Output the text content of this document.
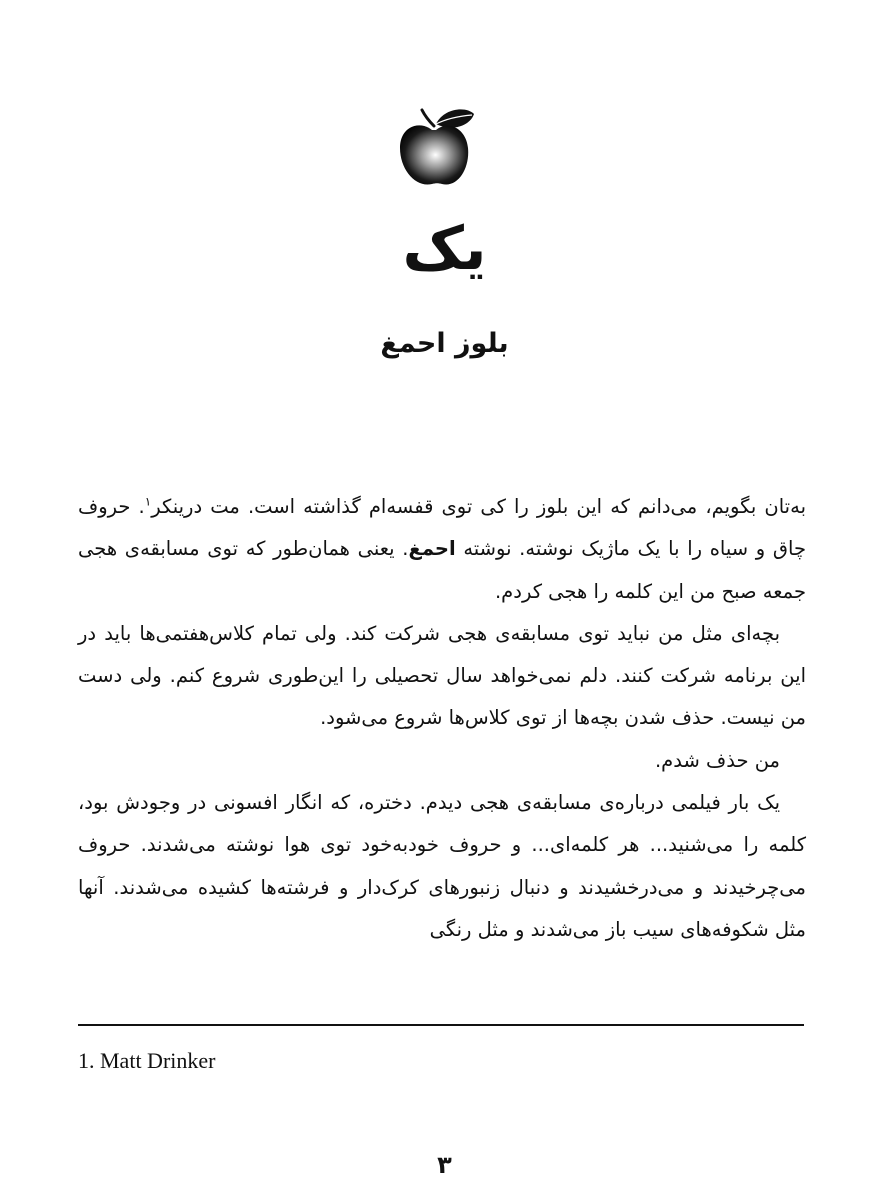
یک
بلوز احمغ

به‌تان بگویم، می‌دانم که این بلوز را کی توی قفسه‌ام گذاشته است. مت درینکر$^۱$. حروف چاق و سیاه را با یک ماژیک نوشته. نوشته احمغ. یعنی همان‌طور که توی مسابقه‌ی هجی جمعه صبح من این کلمه را هجی کردم.

بچه‌ای مثل من نباید توی مسابقه‌ی هجی شرکت کند. ولی تمام کلاس‌هفتمی‌ها باید در این برنامه شرکت کنند. دلم نمی‌خواهد سال تحصیلی را این‌طوری شروع کنم. ولی دست من نیست. حذف شدن بچه‌ها از توی کلاس‌ها شروع می‌شود.

من حذف شدم.

یک بار فیلمی درباره‌ی مسابقه‌ی هجی دیدم. دختره، که انگار افسونی در وجودش بود، کلمه را می‌شنید... هر کلمه‌ای... و حروف خودبه‌خود توی هوا نوشته می‌شدند. حروف می‌چرخیدند و می‌درخشیدند و دنبال زنبورهای کرک‌دار و فرشته‌ها کشیده می‌شدند. آنها مثل شکوفه‌های سیب باز می‌شدند و مثل رنگی

1. Matt Drinker
۳
